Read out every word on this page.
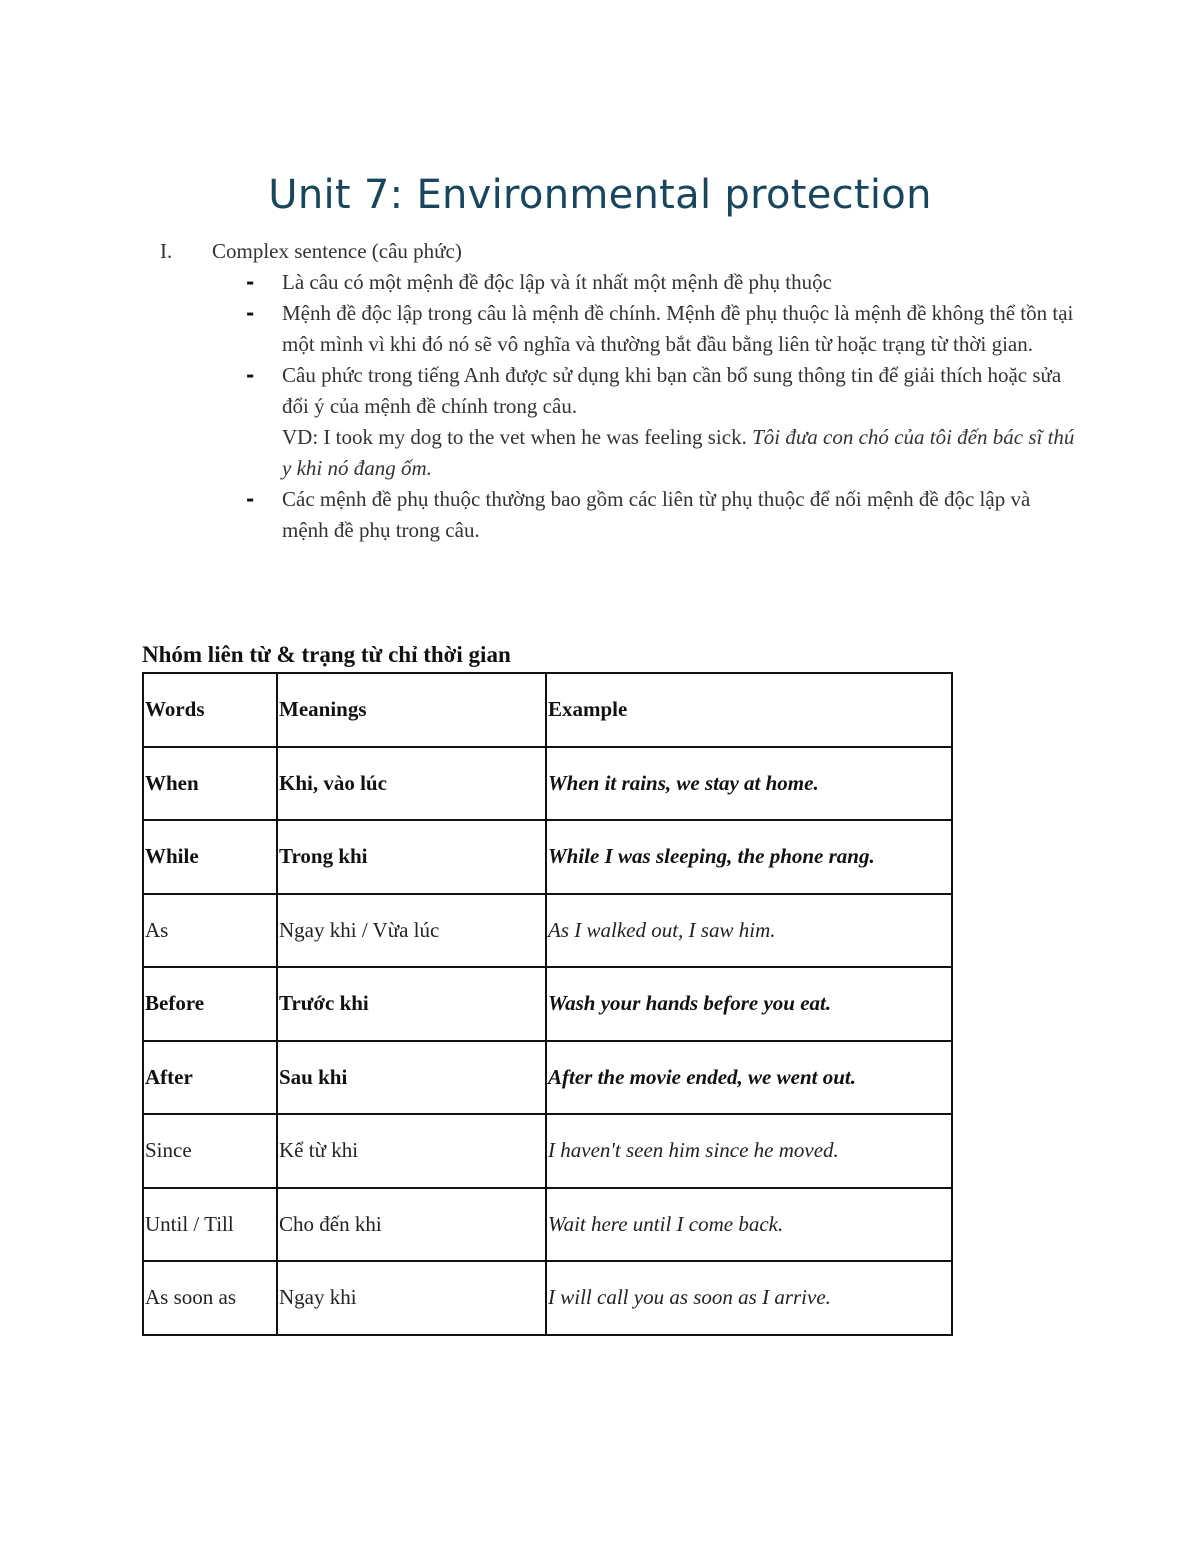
Unit 7: Environmental protection
I. Complex sentence (câu phức)
- Là câu có một mệnh đề độc lập và ít nhất một mệnh đề phụ thuộc
- Mệnh đề độc lập trong câu là mệnh đề chính. Mệnh đề phụ thuộc là mệnh đề không thể tồn tại một mình vì khi đó nó sẽ vô nghĩa và thường bắt đầu bằng liên từ hoặc trạng từ thời gian.
- Câu phức trong tiếng Anh được sử dụng khi bạn cần bổ sung thông tin để giải thích hoặc sửa đổi ý của mệnh đề chính trong câu.
VD: I took my dog to the vet when he was feeling sick. Tôi đưa con chó của tôi đến bác sĩ thú y khi nó đang ốm.
- Các mệnh đề phụ thuộc thường bao gồm các liên từ phụ thuộc để nối mệnh đề độc lập và mệnh đề phụ trong câu.
Nhóm liên từ & trạng từ chỉ thời gian
Words	Meanings	Example
When	Khi, vào lúc	When it rains, we stay at home.
While	Trong khi	While I was sleeping, the phone rang.
As	Ngay khi / Vừa lúc	As I walked out, I saw him.
Before	Trước khi	Wash your hands before you eat.
After	Sau khi	After the movie ended, we went out.
Since	Kể từ khi	I haven't seen him since he moved.
Until / Till	Cho đến khi	Wait here until I come back.
As soon as	Ngay khi	I will call you as soon as I arrive.
